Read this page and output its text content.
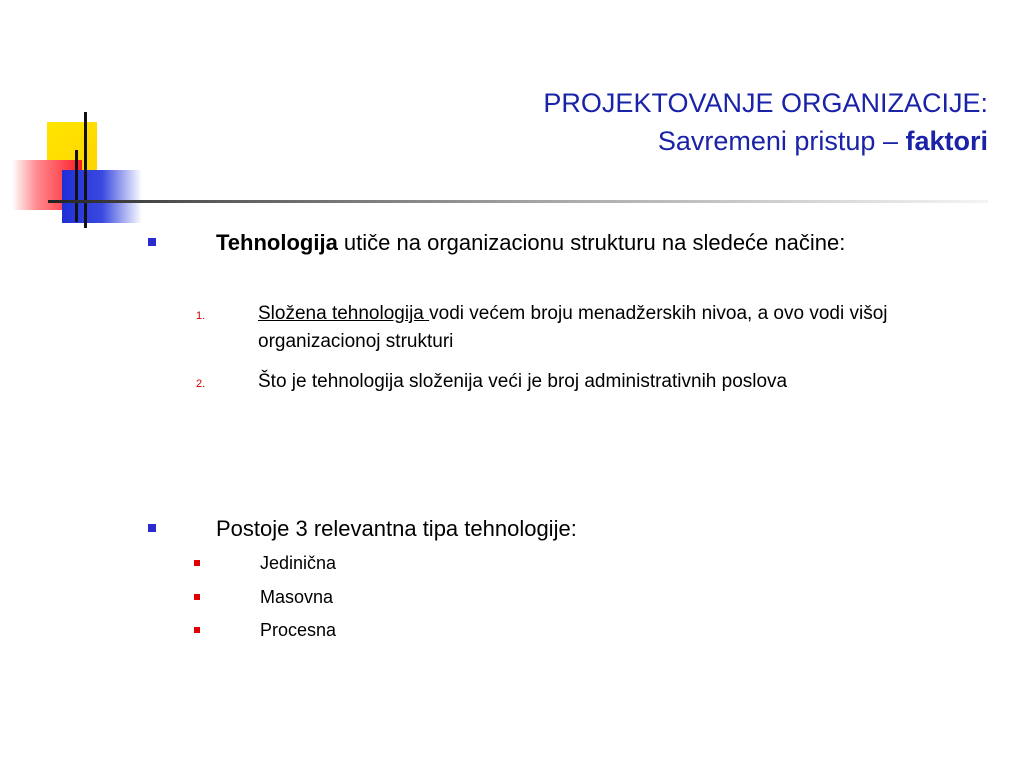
PROJEKTOVANJE ORGANIZACIJE:
Savremeni pristup – faktori
Tehnologija utiče na organizacionu strukturu na sledeće načine:
1.	Složena tehnologija vodi većem broju menadžerskih nivoa, a ovo vodi višoj organizacionoj strukturi
2.	Što je tehnologija složenija veći je broj administrativnih poslova
Postoje 3 relevantna tipa tehnologije:
Jedinična
Masovna
Procesna
